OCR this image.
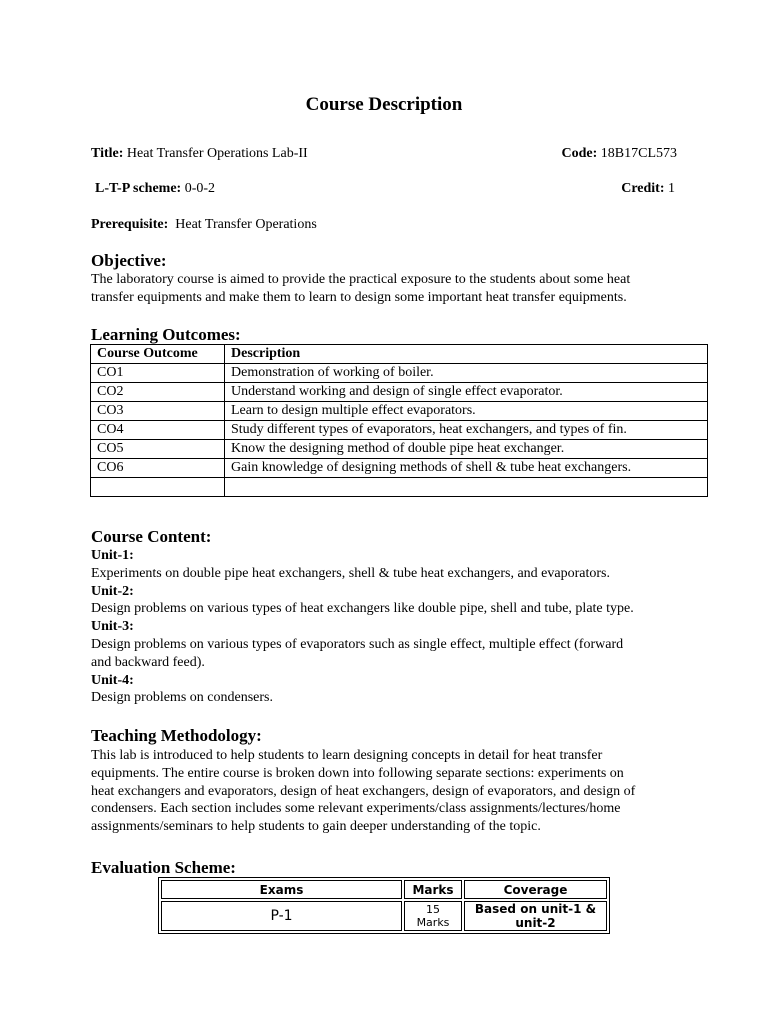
Course Description
Title: Heat Transfer Operations Lab-II	Code: 18B17CL573
L-T-P scheme: 0-0-2	Credit: 1
Prerequisite: Heat Transfer Operations
Objective:
The laboratory course is aimed to provide the practical exposure to the students about some heat
transfer equipments and make them to learn to design some important heat transfer equipments.
Learning Outcomes:
Course Outcome	Description
CO1	Demonstration of working of boiler.
CO2	Understand working and design of single effect evaporator.
CO3	Learn to design multiple effect evaporators.
CO4	Study different types of evaporators, heat exchangers, and types of fin.
CO5	Know the designing method of double pipe heat exchanger.
CO6	Gain knowledge of designing methods of shell & tube heat exchangers.

Course Content:
Unit-1:
Experiments on double pipe heat exchangers, shell & tube heat exchangers, and evaporators.
Unit-2:
Design problems on various types of heat exchangers like double pipe, shell and tube, plate type.
Unit-3:
Design problems on various types of evaporators such as single effect, multiple effect (forward
and backward feed).
Unit-4:
Design problems on condensers.
Teaching Methodology:
This lab is introduced to help students to learn designing concepts in detail for heat transfer
equipments. The entire course is broken down into following separate sections: experiments on
heat exchangers and evaporators, design of heat exchangers, design of evaporators, and design of
condensers. Each section includes some relevant experiments/class assignments/lectures/home
assignments/seminars to help students to gain deeper understanding of the topic.
Evaluation Scheme:
Exams	Marks	Coverage
P-1	15 Marks	Based on unit-1 & unit-2
